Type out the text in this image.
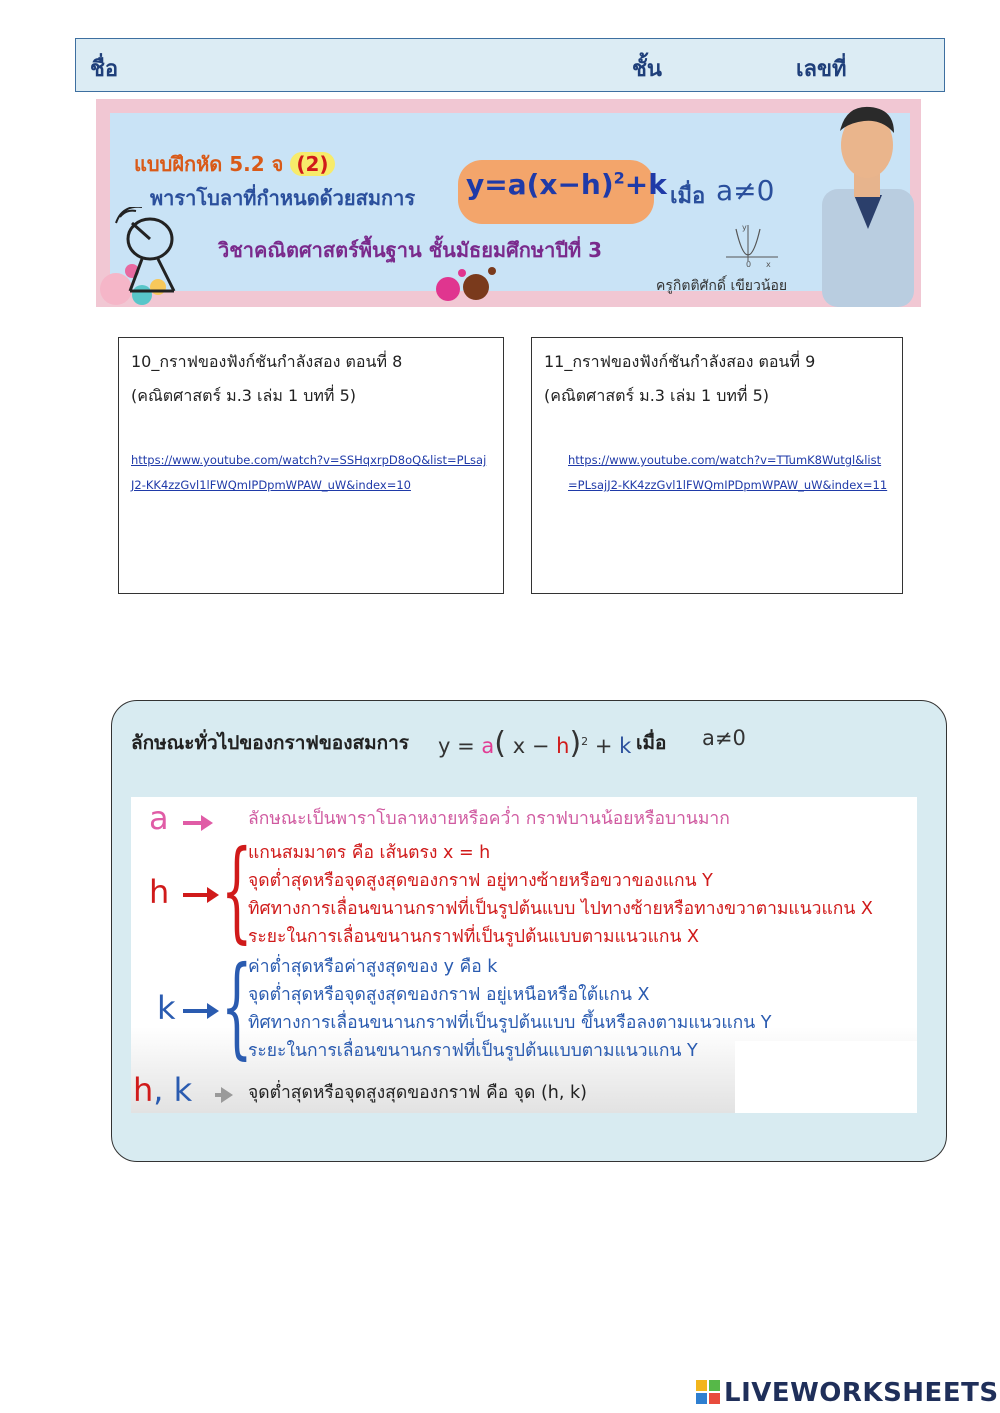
ชื่อ	ชั้น	เลขที่
y
0 x
แบบฝึกหัด 5.2 จ (2)
พาราโบลาที่กำหนดด้วยสมการ $y=a(x-h)^2+k$ เมื่อ a≠0
วิชาคณิตศาสตร์พื้นฐาน ชั้นมัธยมศึกษาปีที่ 3
ครูกิตติศักดิ์ เขียวน้อย
10_กราฟของฟังก์ชันกำลังสอง ตอนที่ 8
(คณิตศาสตร์ ม.3 เล่ม 1 บทที่ 5)
https://www.youtube.com/watch?v=SSHqxrpD8oQ&list=PLsaj
J2-KK4zzGvl1lFWQmIPDpmWPAW_uW&index=10
11_กราฟของฟังก์ชันกำลังสอง ตอนที่ 9
(คณิตศาสตร์ ม.3 เล่ม 1 บทที่ 5)
https://www.youtube.com/watch?v=TTumK8Wutgl&list
=PLsajJ2-KK4zzGvl1lFWQmIPDpmWPAW_uW&index=11
ลักษณะทั่วไปของกราฟของสมการ y = a( x − h)$^2$ + k เมื่อ a≠0
a	ลักษณะเป็นพาราโบลาหงายหรือคว่ำ กราฟบานน้อยหรือบานมาก
h {
แกนสมมาตร คือ เส้นตรง x = h
จุดต่ำสุดหรือจุดสูงสุดของกราฟ อยู่ทางซ้ายหรือขวาของแกน Y
ทิศทางการเลื่อนขนานกราฟที่เป็นรูปต้นแบบ ไปทางซ้ายหรือทางขวาตามแนวแกน X
ระยะในการเลื่อนขนานกราฟที่เป็นรูปต้นแบบตามแนวแกน X
k {
ค่าต่ำสุดหรือค่าสูงสุดของ y คือ k
จุดต่ำสุดหรือจุดสูงสุดของกราฟ อยู่เหนือหรือใต้แกน X
ทิศทางการเลื่อนขนานกราฟที่เป็นรูปต้นแบบ ขึ้นหรือลงตามแนวแกน Y
ระยะในการเลื่อนขนานกราฟที่เป็นรูปต้นแบบตามแนวแกน Y
h, k	จุดต่ำสุดหรือจุดสูงสุดของกราฟ คือ จุด (h, k)
LIVEWORKSHEETS
